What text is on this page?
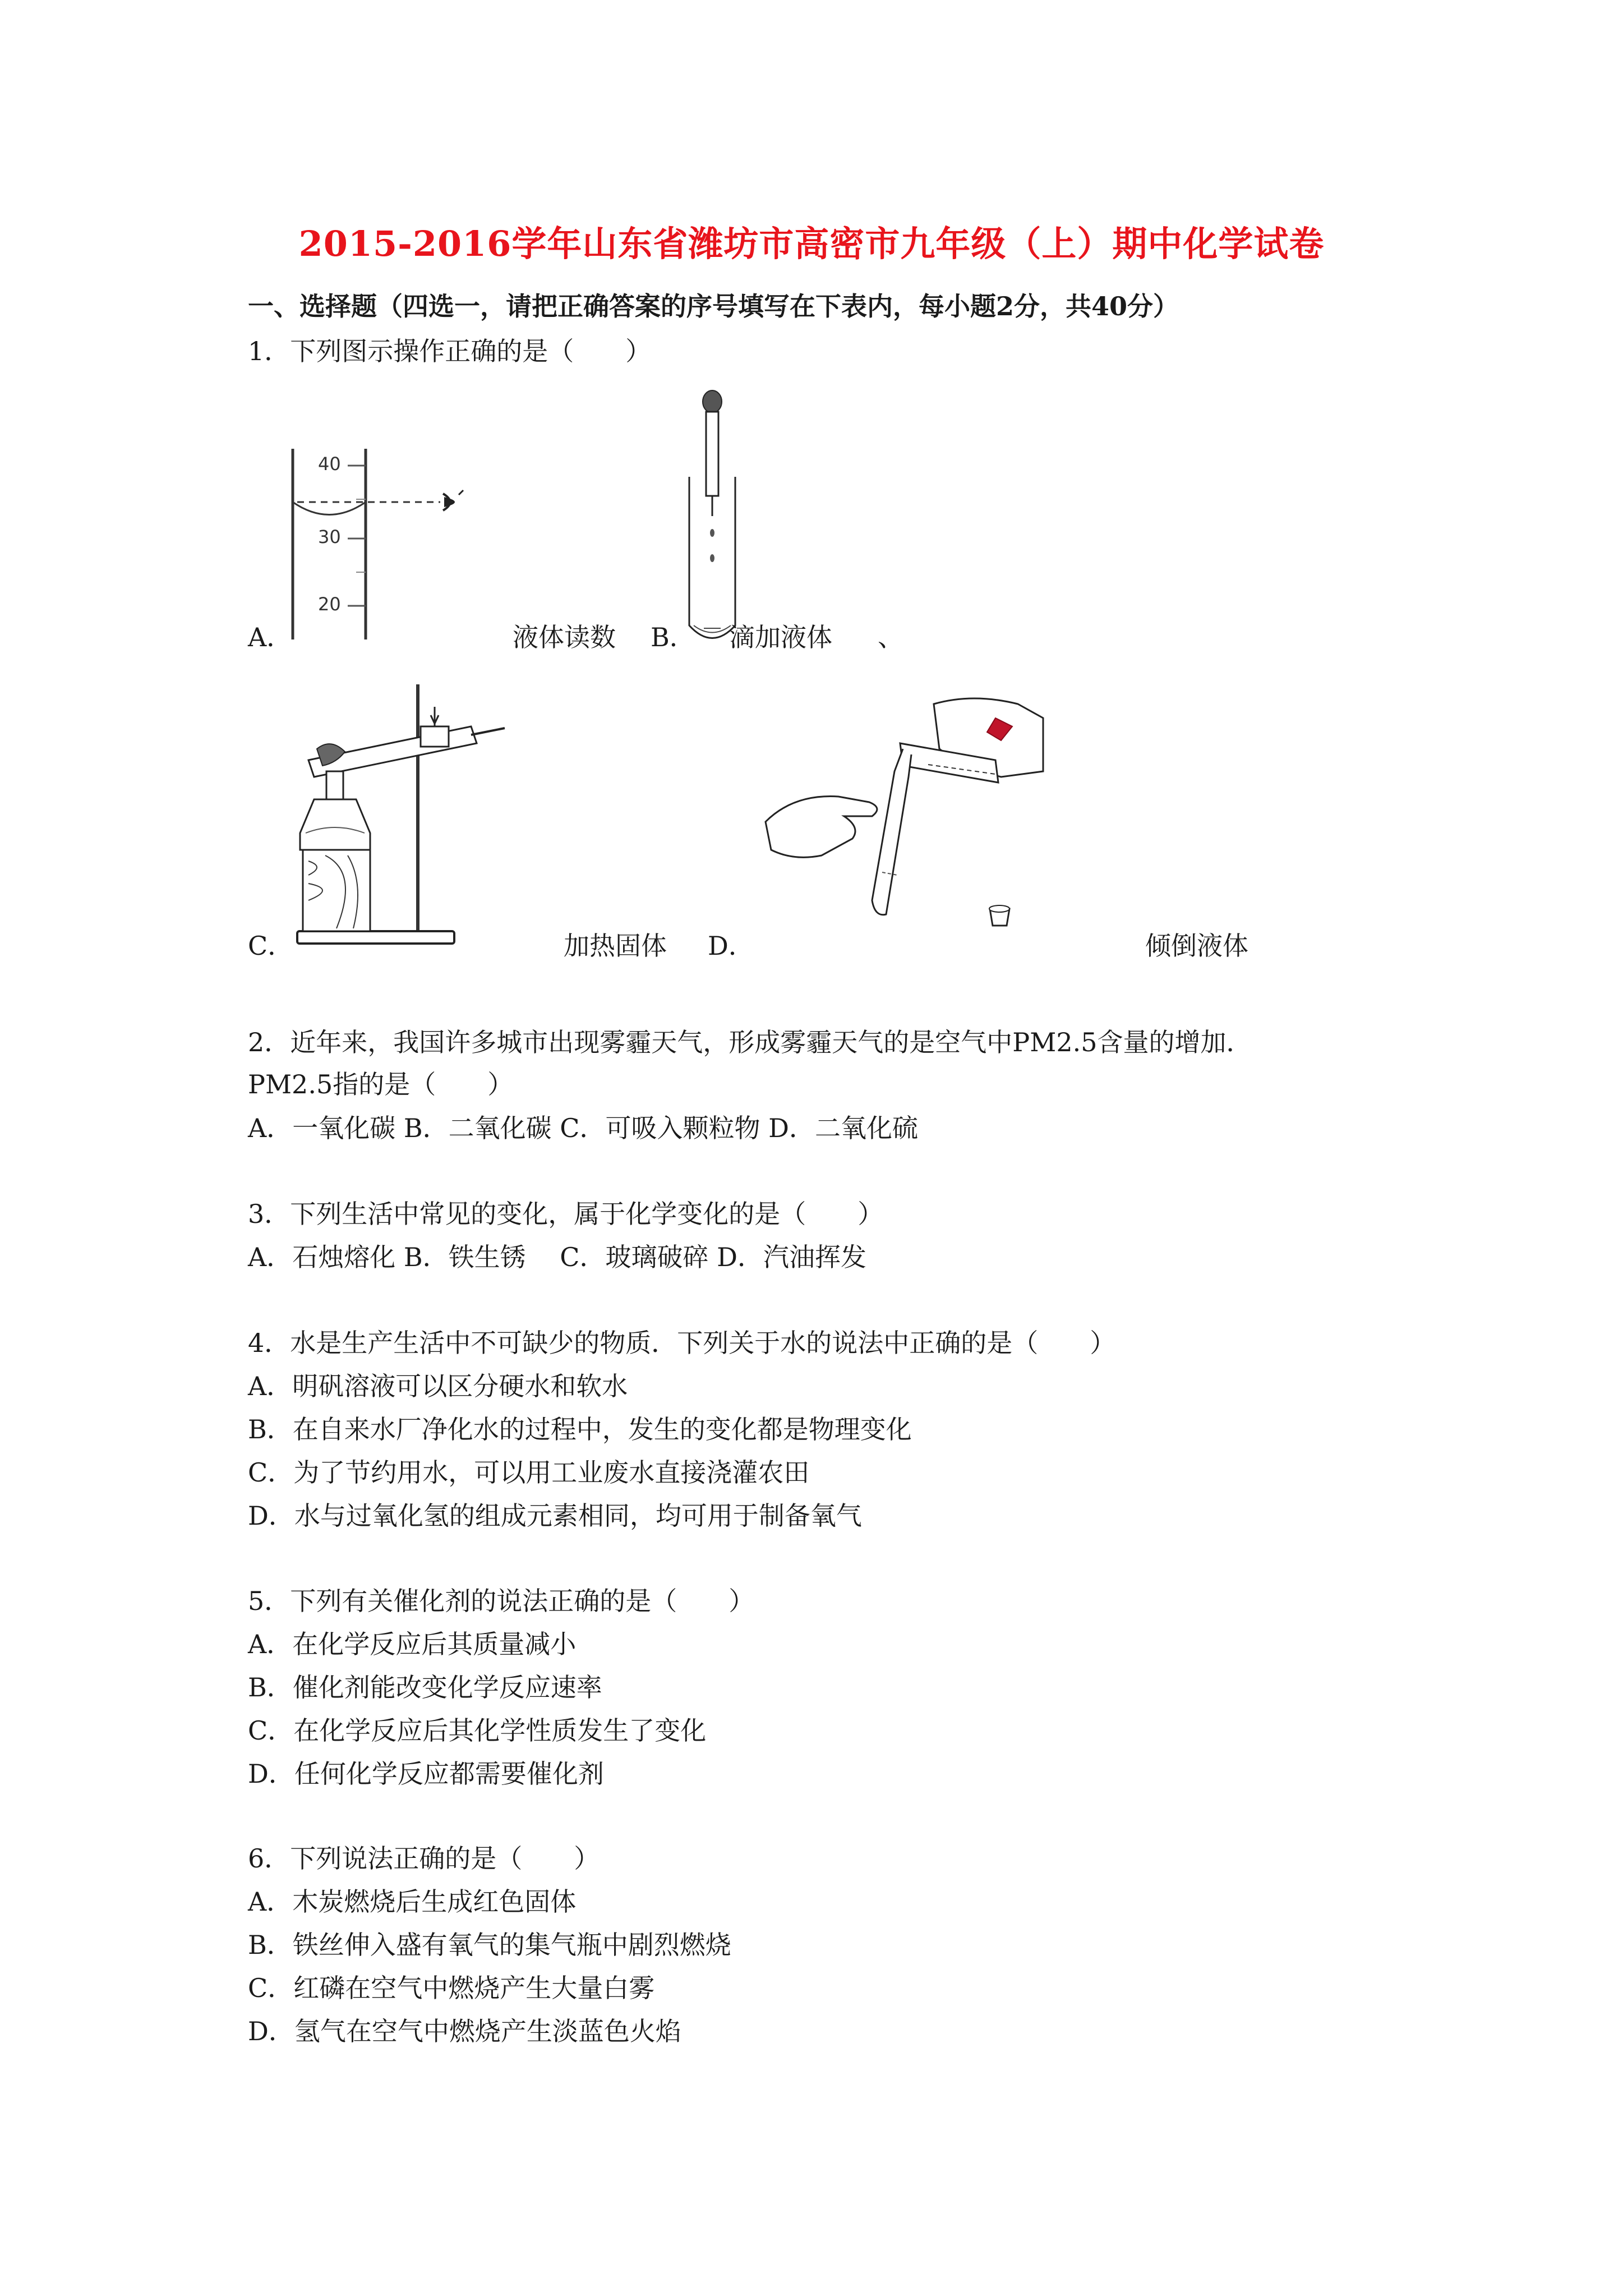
2015-2016学年山东省潍坊市高密市九年级（上）期中化学试卷
一、选择题（四选一，请把正确答案的序号填写在下表内，每小题2分，共40分）
1．下列图示操作正确的是（　　）
40
30
20
A．	液体读数 B． 滴加液体 、
C．	加热固体 D．	倾倒液体
2．近年来，我国许多城市出现雾霾天气，形成雾霾天气的是空气中PM2.5含量的增加．
PM2.5指的是（　　）
A．一氧化碳 B．二氧化碳 C．可吸入颗粒物 D．二氧化硫
3．下列生活中常见的变化，属于化学变化的是（　　）
A．石烛熔化 B．铁生锈　 C．玻璃破碎 D．汽油挥发
4．水是生产生活中不可缺少的物质．下列关于水的说法中正确的是（　　）
A．明矾溶液可以区分硬水和软水
B．在自来水厂净化水的过程中，发生的变化都是物理变化
C．为了节约用水，可以用工业废水直接浇灌农田
D．水与过氧化氢的组成元素相同，均可用于制备氧气
5．下列有关催化剂的说法正确的是（　　）
A．在化学反应后其质量减小
B．催化剂能改变化学反应速率
C．在化学反应后其化学性质发生了变化
D．任何化学反应都需要催化剂
6．下列说法正确的是（　　）
A．木炭燃烧后生成红色固体
B．铁丝伸入盛有氧气的集气瓶中剧烈燃烧
C．红磷在空气中燃烧产生大量白雾
D．氢气在空气中燃烧产生淡蓝色火焰
